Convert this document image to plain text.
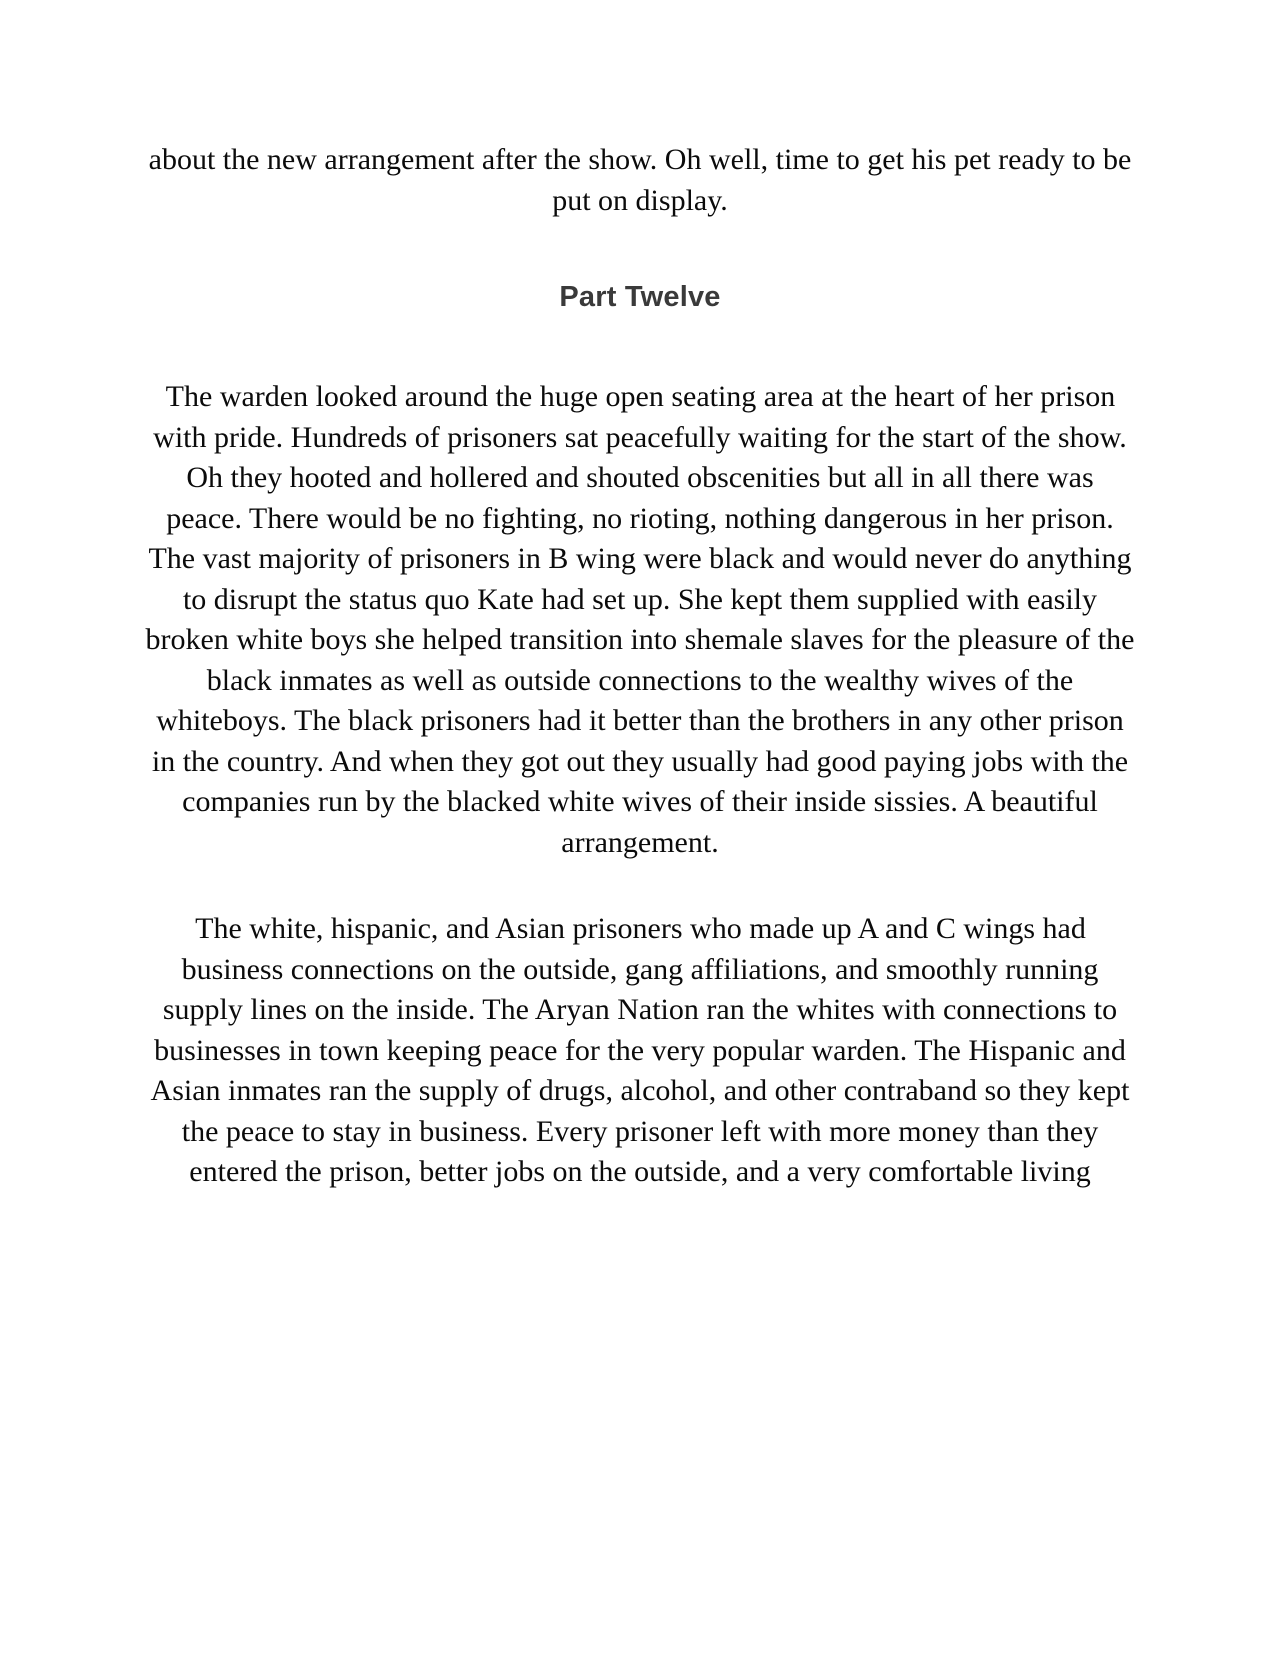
about the new arrangement after the show. Oh well, time to get his pet ready to be put on display.

Part Twelve

The warden looked around the huge open seating area at the heart of her prison with pride. Hundreds of prisoners sat peacefully waiting for the start of the show. Oh they hooted and hollered and shouted obscenities but all in all there was peace. There would be no fighting, no rioting, nothing dangerous in her prison. The vast majority of prisoners in B wing were black and would never do anything to disrupt the status quo Kate had set up. She kept them supplied with easily broken white boys she helped transition into shemale slaves for the pleasure of the black inmates as well as outside connections to the wealthy wives of the whiteboys. The black prisoners had it better than the brothers in any other prison in the country. And when they got out they usually had good paying jobs with the companies run by the blacked white wives of their inside sissies. A beautiful arrangement.

The white, hispanic, and Asian prisoners who made up A and C wings had business connections on the outside, gang affiliations, and smoothly running supply lines on the inside. The Aryan Nation ran the whites with connections to businesses in town keeping peace for the very popular warden. The Hispanic and Asian inmates ran the supply of drugs, alcohol, and other contraband so they kept the peace to stay in business. Every prisoner left with more money than they entered the prison, better jobs on the outside, and a very comfortable living
